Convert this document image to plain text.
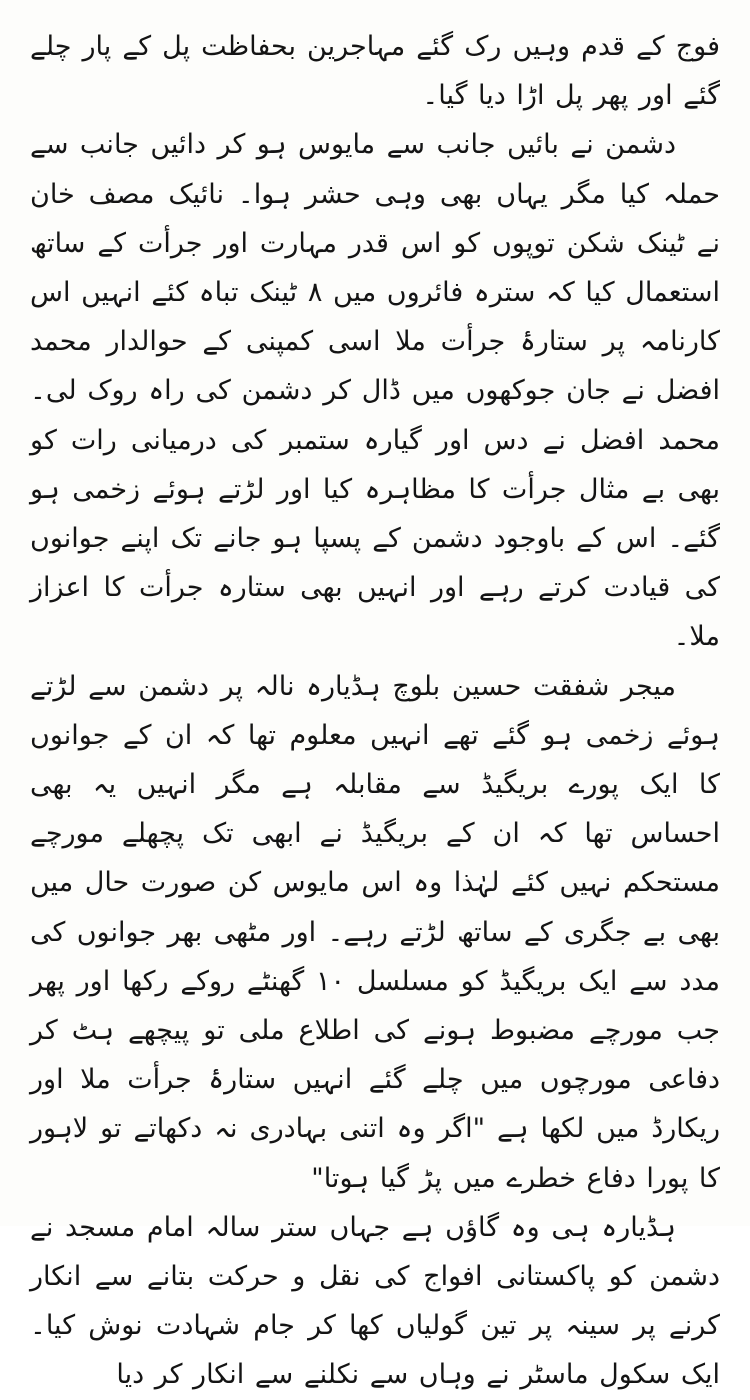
فوج کے قدم وہیں رک گئے مہاجرین بحفاظت پل کے پار چلے گئے اور پھر پل اڑا دیا گیا۔

دشمن نے بائیں جانب سے مایوس ہو کر دائیں جانب سے حملہ کیا مگر یہاں بھی وہی حشر ہوا۔ نائیک مصف خان نے ٹینک شکن توپوں کو اس قدر مہارت اور جرأت کے ساتھ استعمال کیا کہ سترہ فائروں میں ۸ ٹینک تباہ کئے انہیں اس کارنامہ پر ستارۂ جرأت ملا اسی کمپنی کے حوالدار محمد افضل نے جان جوکھوں میں ڈال کر دشمن کی راہ روک لی۔ محمد افضل نے دس اور گیارہ ستمبر کی درمیانی رات کو بھی بے مثال جرأت کا مظاہرہ کیا اور لڑتے ہوئے زخمی ہو گئے۔ اس کے باوجود دشمن کے پسپا ہو جانے تک اپنے جوانوں کی قیادت کرتے رہے اور انہیں بھی ستارہ جرأت کا اعزاز ملا۔

میجر شفقت حسین بلوچ ہڈیارہ نالہ پر دشمن سے لڑتے ہوئے زخمی ہو گئے تھے انہیں معلوم تھا کہ ان کے جوانوں کا ایک پورے بریگیڈ سے مقابلہ ہے مگر انہیں یہ بھی احساس تھا کہ ان کے بریگیڈ نے ابھی تک پچھلے مورچے مستحکم نہیں کئے لہٰذا وہ اس مایوس کن صورت حال میں بھی بے جگری کے ساتھ لڑتے رہے۔ اور مٹھی بھر جوانوں کی مدد سے ایک بریگیڈ کو مسلسل ۱۰ گھنٹے روکے رکھا اور پھر جب مورچے مضبوط ہونے کی اطلاع ملی تو پیچھے ہٹ کر دفاعی مورچوں میں چلے گئے انہیں ستارۂ جرأت ملا اور ریکارڈ میں لکھا ہے "اگر وہ اتنی بہادری نہ دکھاتے تو لاہور کا پورا دفاع خطرے میں پڑ گیا ہوتا"

ہڈیارہ ہی وہ گاؤں ہے جہاں ستر سالہ امام مسجد نے دشمن کو پاکستانی افواج کی نقل و حرکت بتانے سے انکار کرنے پر سینہ پر تین گولیاں کھا کر جام شہادت نوش کیا۔ ایک سکول ماسٹر نے وہاں سے نکلنے سے انکار کر دیا
